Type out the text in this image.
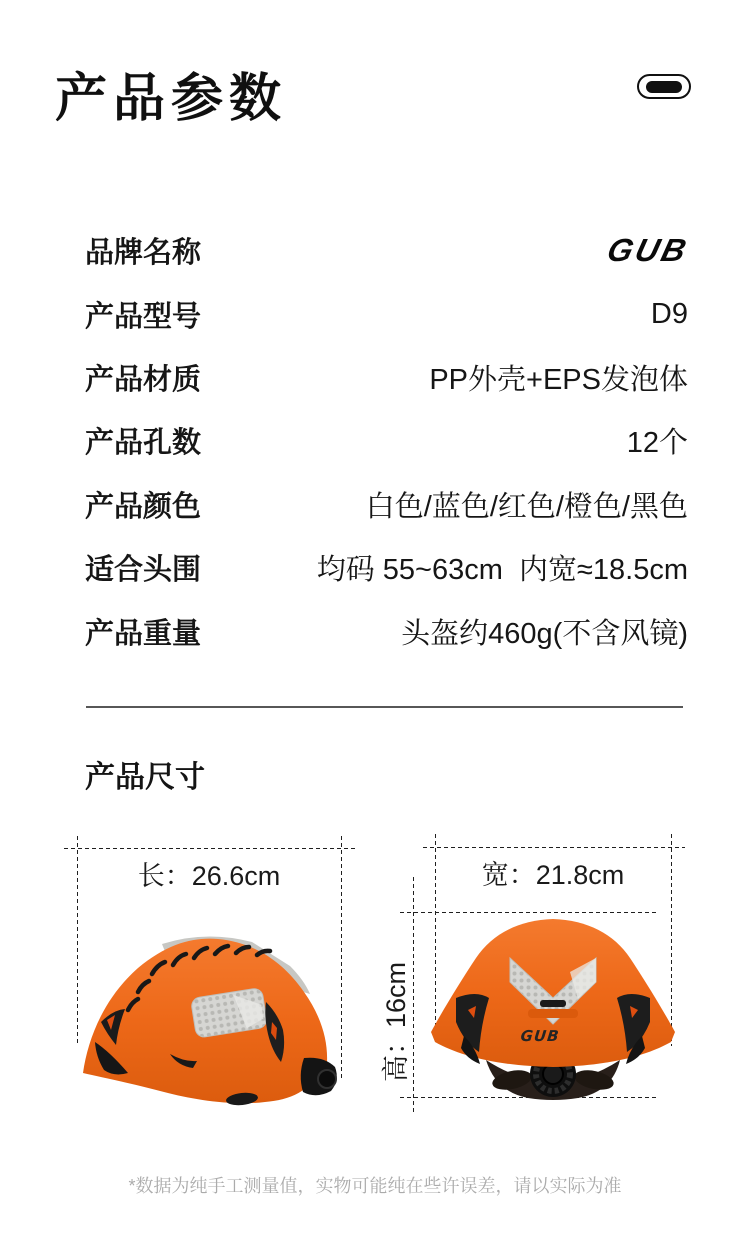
产品参数
品牌名称	GUB
产品型号	D9
产品材质	PP外壳+EPS发泡体
产品孔数	12个
产品颜色	白色/蓝色/红色/橙色/黑色
适合头围	均码 55~63cm  内宽≈18.5cm
产品重量	头盔约460g(不含风镜)
产品尺寸
长：26.6cm	宽：21.8cm
高：16cm	GUB
*数据为纯手工测量值，实物可能纯在些许误差，请以实际为准
